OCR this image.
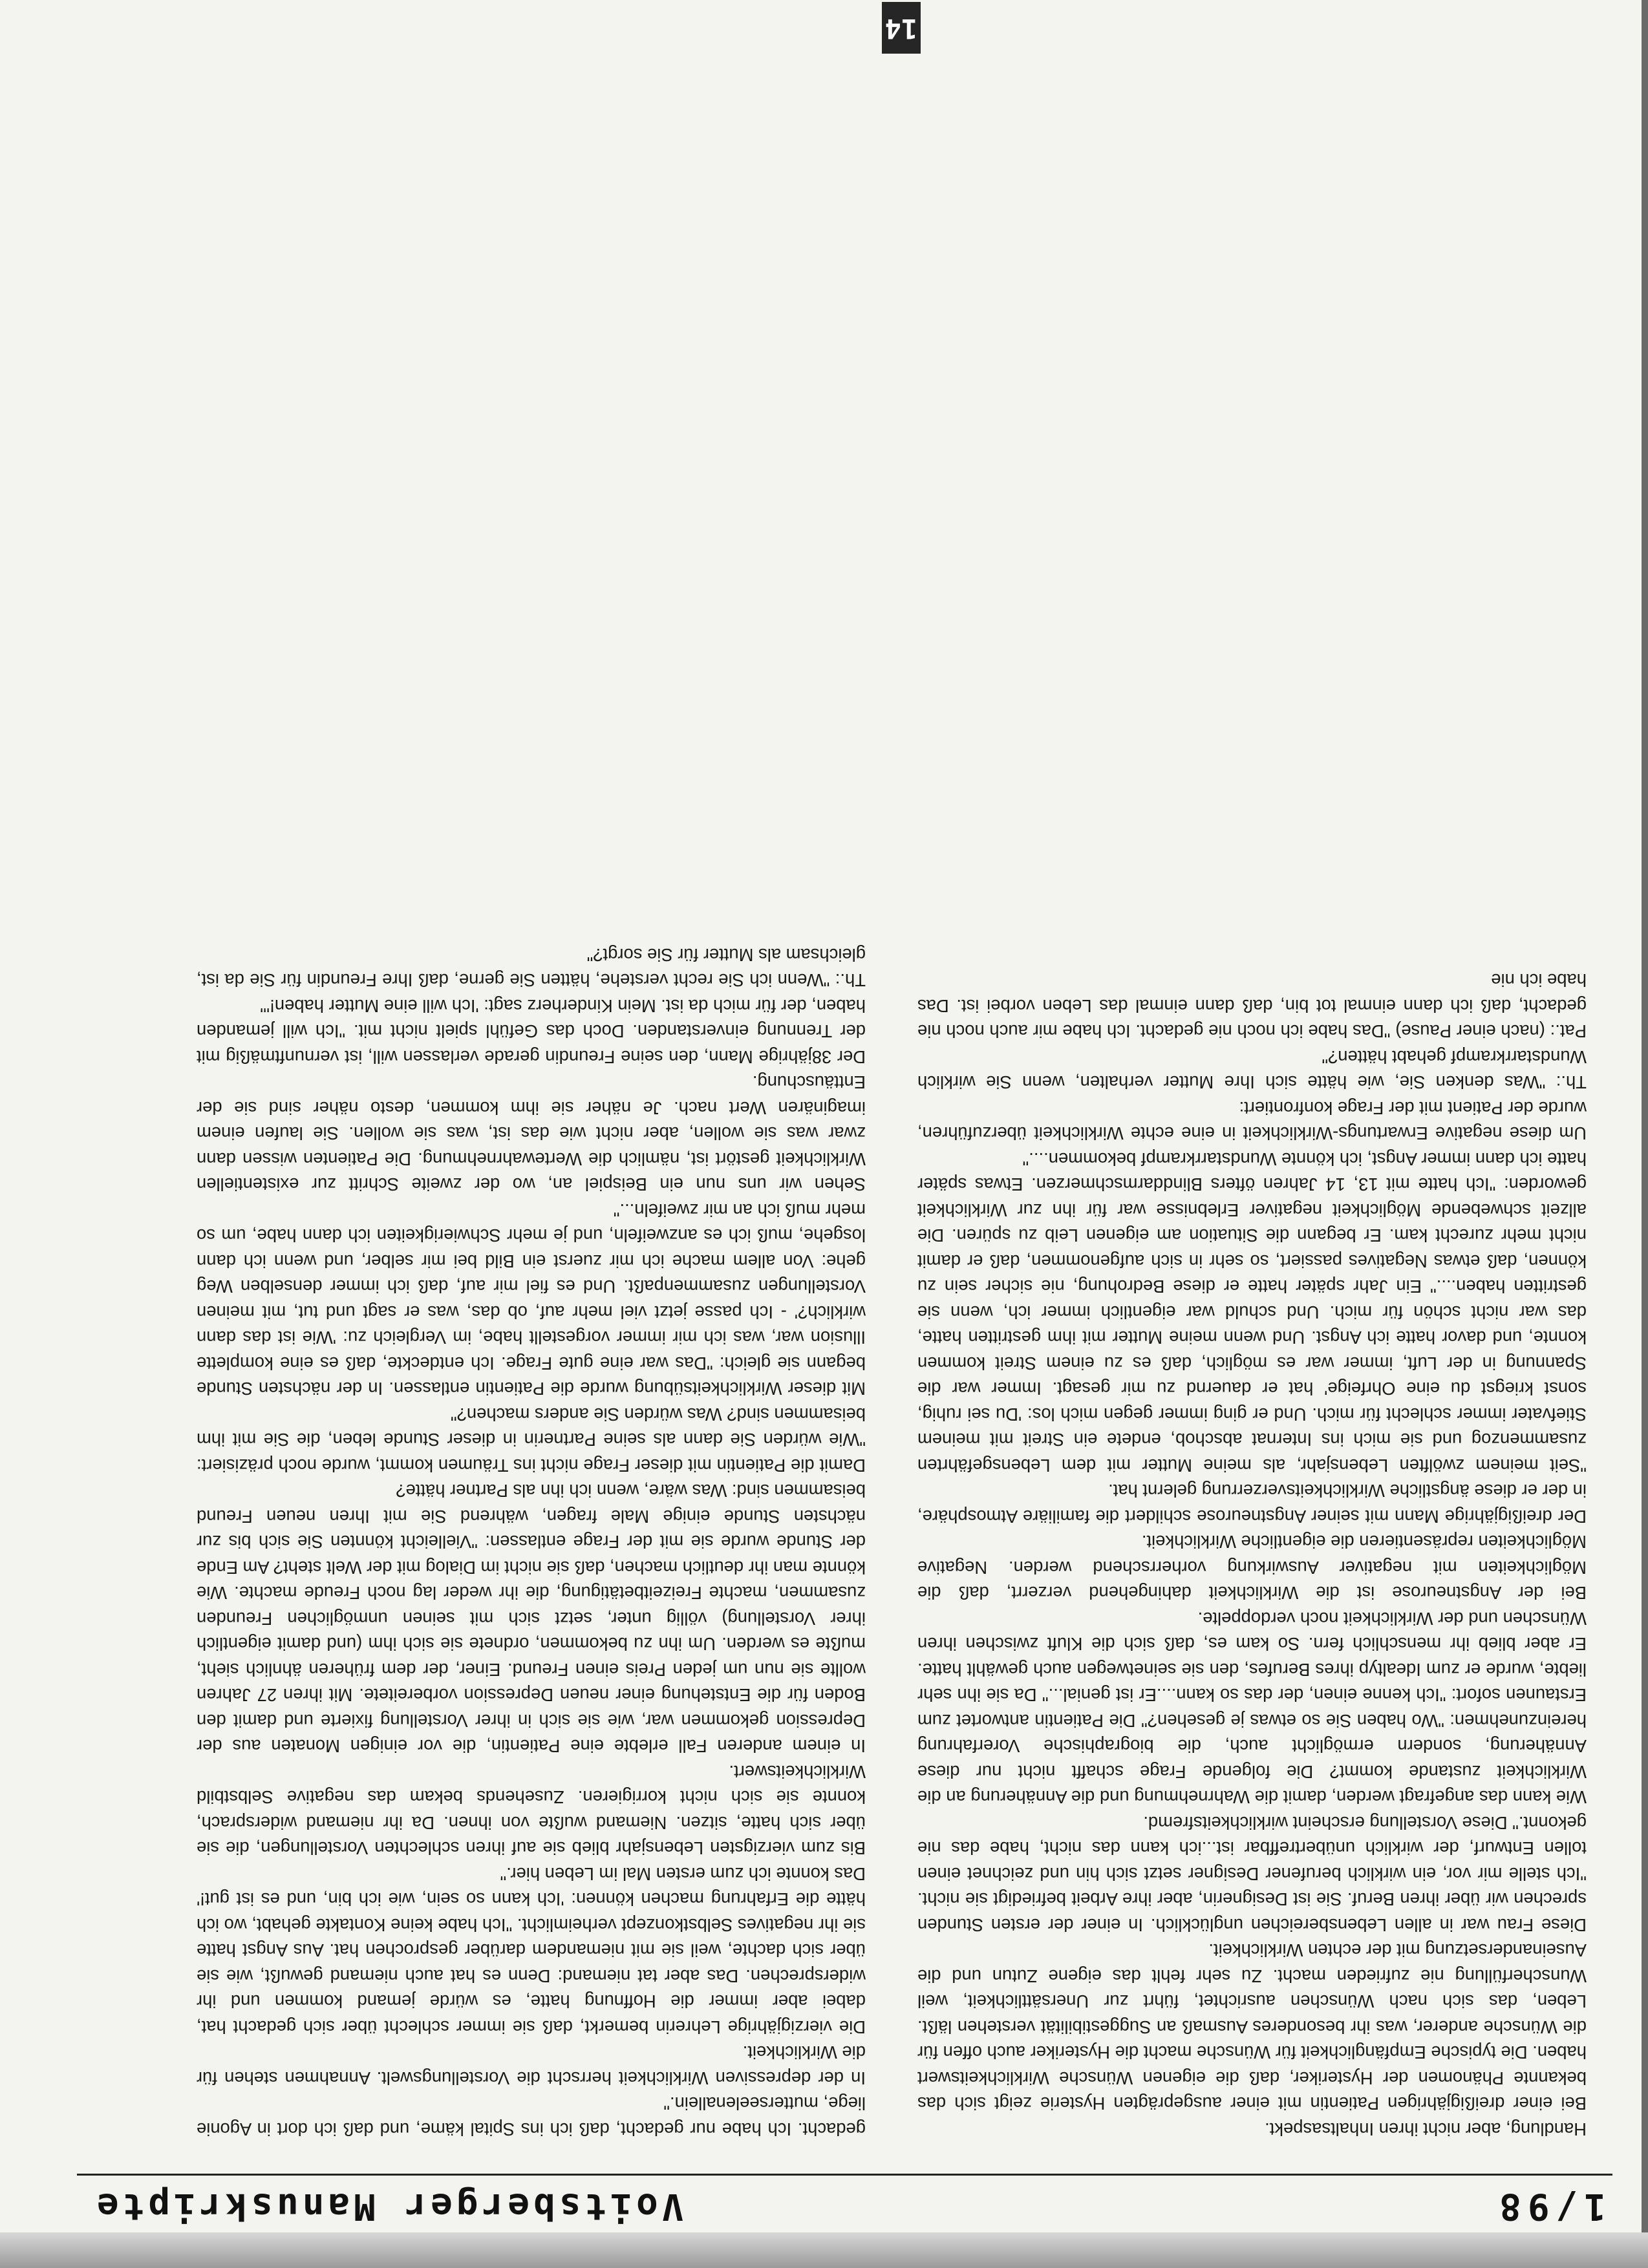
1/98
Voitsberger Manuskripte

Handlung, aber nicht ihren Inhaltsaspekt.

Bei einer dreißigjährigen Patientin mit einer ausgeprägten Hysterie zeigt sich das bekannte Phänomen der Hysteriker, daß die eigenen Wünsche Wirklichkeitswert haben. Die typische Empfänglichkeit für Wünsche macht die Hysteriker auch offen für die Wünsche anderer, was ihr besonderes Ausmaß an Suggestibilität verstehen läßt. Leben, das sich nach Wünschen ausrichtet, führt zur Unersättlichkeit, weil Wunscherfüllung nie zufrieden macht. Zu sehr fehlt das eigene Zutun und die Auseinandersetzung mit der echten Wirklichkeit.

Diese Frau war in allen Lebensbereichen unglücklich. In einer der ersten Stunden sprechen wir über ihren Beruf. Sie ist Designerin, aber ihre Arbeit befriedigt sie nicht. "Ich stelle mir vor, ein wirklich berufener Designer setzt sich hin und zeichnet einen tollen Entwurf, der wirklich unübertreffbar ist...ich kann das nicht, habe das nie gekonnt." Diese Vorstellung erscheint wirklichkeitsfremd.

Wie kann das angefragt werden, damit die Wahrnehmung und die Annäherung an die Wirklichkeit zustande kommt? Die folgende Frage schafft nicht nur diese Annäherung, sondern ermöglicht auch, die biographische Vorerfahrung hereinzunehmen: "Wo haben Sie so etwas je gesehen?" Die Patientin antwortet zum Erstaunen sofort: "Ich kenne einen, der das so kann....Er ist genial..." Da sie ihn sehr liebte, wurde er zum Idealtyp ihres Berufes, den sie seinetwegen auch gewählt hatte. Er aber blieb ihr menschlich fern. So kam es, daß sich die Kluft zwischen ihren Wünschen und der Wirklichkeit noch verdoppelte.

Bei der Angstneurose ist die Wirklichkeit dahingehend verzerrt, daß die Möglichkeiten mit negativer Auswirkung vorherrschend werden. Negative Möglichkeiten repräsentieren die eigentliche Wirklichkeit.

Der dreißigjährige Mann mit seiner Angstneurose schildert die familiäre Atmosphäre, in der er diese ängstliche Wirklichkeitsverzerrung gelernt hat.

"Seit meinem zwölften Lebensjahr, als meine Mutter mit dem Lebensgefährten zusammenzog und sie mich ins Internat abschob, endete ein Streit mit meinem Stiefvater immer schlecht für mich. Und er ging immer gegen mich los: 'Du sei ruhig, sonst kriegst du eine Ohrfeige' hat er dauernd zu mir gesagt. Immer war die Spannung in der Luft, immer war es möglich, daß es zu einem Streit kommen konnte, und davor hatte ich Angst. Und wenn meine Mutter mit ihm gestritten hatte, das war nicht schön für mich. Und schuld war eigentlich immer ich, wenn sie gestritten haben...." Ein Jahr später hatte er diese Bedrohung, nie sicher sein zu können, daß etwas Negatives passiert, so sehr in sich aufgenommen, daß er damit nicht mehr zurecht kam. Er begann die Situation am eigenen Leib zu spüren. Die allzeit schwebende Möglichkeit negativer Erlebnisse war für ihn zur Wirklichkeit geworden: "Ich hatte mit 13, 14 Jahren öfters Blinddarmschmerzen. Etwas später hatte ich dann immer Angst, ich könnte Wundstarrkrampf bekommen...."

Um diese negative Erwartungs-Wirklichkeit in eine echte Wirklichkeit überzuführen, wurde der Patient mit der Frage konfrontiert:

Th.: "Was denken Sie, wie hätte sich Ihre Mutter verhalten, wenn Sie wirklich Wundstarrkrampf gehabt hätten?"

Pat.: (nach einer Pause) "Das habe ich noch nie gedacht. Ich habe mir auch noch nie gedacht, daß ich dann einmal tot bin, daß dann einmal das Leben vorbei ist. Das habe ich nie

gedacht. Ich habe nur gedacht, daß ich ins Spital käme, und daß ich dort in Agonie liege, mutterseelenallein."

In der depressiven Wirklichkeit herrscht die Vorstellungswelt. Annahmen stehen für die Wirklichkeit.

Die vierzigjährige Lehrerin bemerkt, daß sie immer schlecht über sich gedacht hat, dabei aber immer die Hoffnung hatte, es würde jemand kommen und ihr widersprechen. Das aber tat niemand: Denn es hat auch niemand gewußt, wie sie über sich dachte, weil sie mit niemandem darüber gesprochen hat. Aus Angst hatte sie ihr negatives Selbstkonzept verheimlicht. "Ich habe keine Kontakte gehabt, wo ich hätte die Erfahrung machen können: 'Ich kann so sein, wie ich bin, und es ist gut!' Das konnte ich zum ersten Mal im Leben hier."

Bis zum vierzigsten Lebensjahr blieb sie auf ihren schlechten Vorstellungen, die sie über sich hatte, sitzen. Niemand wußte von ihnen. Da ihr niemand widersprach, konnte sie sich nicht korrigieren. Zusehends bekam das negative Selbstbild Wirklichkeitswert.

In einem anderen Fall erlebte eine Patientin, die vor einigen Monaten aus der Depression gekommen war, wie sie sich in ihrer Vorstellung fixierte und damit den Boden für die Entstehung einer neuen Depression vorbereitete. Mit ihren 27 Jahren wollte sie nun um jeden Preis einen Freund. Einer, der dem früheren ähnlich sieht, mußte es werden. Um ihn zu bekommen, ordnete sie sich ihm (und damit eigentlich ihrer Vorstellung) völlig unter, setzt sich mit seinen unmöglichen Freunden zusammen, machte Freizeitbetätigung, die ihr weder lag noch Freude machte. Wie könnte man ihr deutlich machen, daß sie nicht im Dialog mit der Welt steht? Am Ende der Stunde wurde sie mit der Frage entlassen: "Vielleicht könnten Sie sich bis zur nächsten Stunde einige Male fragen, während Sie mit Ihren neuen Freund beisammen sind: Was wäre, wenn ich ihn als Partner hätte?

Damit die Patientin mit dieser Frage nicht ins Träumen kommt, wurde noch präzisiert: "Wie würden Sie dann als seine Partnerin in dieser Stunde leben, die Sie mit ihm beisammen sind? Was würden Sie anders machen?"

Mit dieser Wirklichkeitsübung wurde die Patientin entlassen. In der nächsten Stunde begann sie gleich: "Das war eine gute Frage. Ich entdeckte, daß es eine komplette Illusion war, was ich mir immer vorgestellt habe, im Vergleich zu: 'Wie ist das dann wirklich?' - Ich passe jetzt viel mehr auf, ob das, was er sagt und tut, mit meinen Vorstellungen zusammenpaßt. Und es fiel mir auf, daß ich immer denselben Weg gehe: Von allem mache ich mir zuerst ein Bild bei mir selber, und wenn ich dann losgehe, muß ich es anzweifeln, und je mehr Schwierigkeiten ich dann habe, um so mehr muß ich an mir zweifeln..."

Sehen wir uns nun ein Beispiel an, wo der zweite Schritt zur existentiellen Wirklichkeit gestört ist, nämlich die Wertewahrnehmung. Die Patienten wissen dann zwar was sie wollen, aber nicht wie das ist, was sie wollen. Sie laufen einem imaginären Wert nach. Je näher sie ihm kommen, desto näher sind sie der Enttäuschung.

Der 38jährige Mann, den seine Freundin gerade verlassen will, ist vernunftmäßig mit der Trennung einverstanden. Doch das Gefühl spielt nicht mit. "Ich will jemanden haben, der für mich da ist. Mein Kinderherz sagt: 'Ich will eine Mutter haben!'"

Th.: "Wenn ich Sie recht verstehe, hätten Sie gerne, daß Ihre Freundin für Sie da ist, gleichsam als Mutter für Sie sorgt?"

14
